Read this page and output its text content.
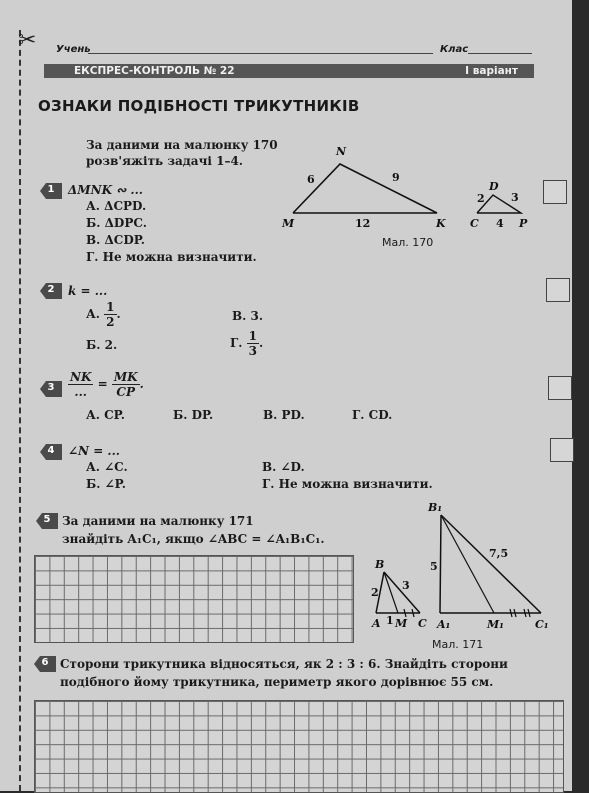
✂ Учень	Клас
ЕКСПРЕС-КОНТРОЛЬ № 22	І варіант
ОЗНАКИ ПОДІБНОСТІ ТРИКУТНИКІВ
За даними на малюнку 170
розв'яжіть задачі 1–4.
N
M	K
6	9
12
D
C	P
2 3
4
Мал. 170
1	ΔMNK ∾ ...
А. ΔCPD.
Б. ΔDPC.
В. ΔCDP.
Г. Не можна визначити.
2	k = ...
А. $\frac{1}{2}$ .	В. 3.
Б. 2.	Г. $\frac{1}{3}$ .
3	$\frac{NK}{...} = \frac{MK}{CP}$ .
А. CP.	Б. DP.	В. PD.	Г. CD.
4	∠N = ...
А. ∠C.
Б. ∠P.
В. ∠D.
Г. Не можна визначити.
5 За даними на малюнку 171
знайдіть A₁C₁, якщо ∠ABC = ∠A₁B₁C₁.
B
A M C
2
3
1
B₁
A₁	M₁	C₁
5
7,5
Мал. 171
6 Сторони трикутника відносяться, як 2 : 3 : 6. Знайдіть сторони
подібного йому трикутника, периметр якого дорівнює 55 см.
